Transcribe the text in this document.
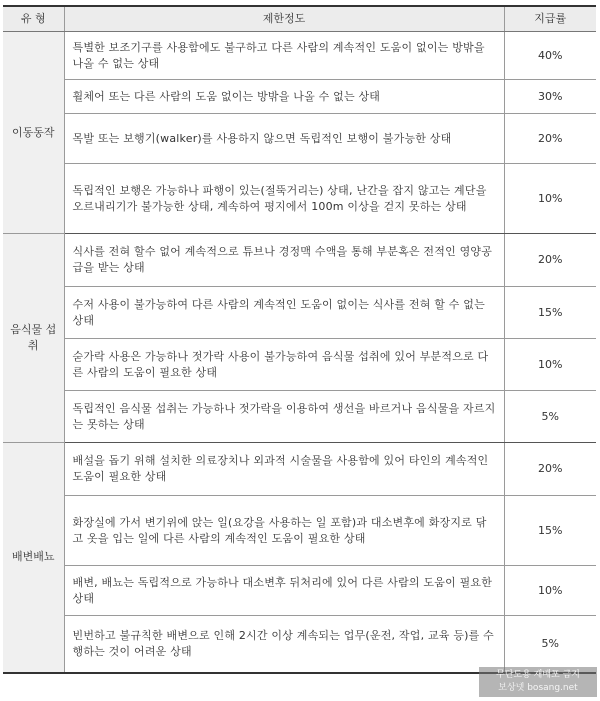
유 형	제한정도	지급률
이동동작	특별한 보조기구를 사용함에도 불구하고 다른 사람의 계속적인 도움이 없이는 방밖을 나올 수 없는 상태	40%
	휠체어 또는 다른 사람의 도움 없이는 방밖을 나올 수 없는 상태	30%
	목발 또는 보행기(walker)를 사용하지 않으면 독립적인 보행이 불가능한 상태	20%
	독립적인 보행은 가능하나 파행이 있는(절뚝거리는) 상태, 난간을 잡지 않고는 계단을 오르내리기가 불가능한 상태, 계속하여 평지에서 100m 이상을 걷지 못하는 상태	10%
음식물 섭취	식사를 전혀 할수 없어 계속적으로 튜브나 경정맥 수액을 통해 부분혹은 전적인 영양공급을 받는 상태	20%
	수저 사용이 불가능하여 다른 사람의 계속적인 도움이 없이는 식사를 전혀 할 수 없는 상태	15%
	숟가락 사용은 가능하나 젓가락 사용이 불가능하여 음식물 섭취에 있어 부분적으로 다른 사람의 도움이 필요한 상태	10%
	독립적인 음식물 섭취는 가능하나 젓가락을 이용하여 생선을 바르거나 음식물을 자르지는 못하는 상태	5%
배변배뇨	배설을 돕기 위해 설치한 의료장치나 외과적 시술물을 사용함에 있어 타인의 계속적인 도움이 필요한 상태	20%
	화장실에 가서 변기위에 앉는 일(요강을 사용하는 일 포함)과 대소변후에 화장지로 닦고 옷을 입는 일에 다른 사람의 계속적인 도움이 필요한 상태	15%
	배변, 배뇨는 독립적으로 가능하나 대소변후 뒤처리에 있어 다른 사람의 도움이 필요한 상태	10%
	빈번하고 불규칙한 배변으로 인해 2시간 이상 계속되는 업무(운전, 작업, 교육 등)를 수행하는 것이 어려운 상태	5%
무단도용 재배포 금지
보상넷 bosang.net
